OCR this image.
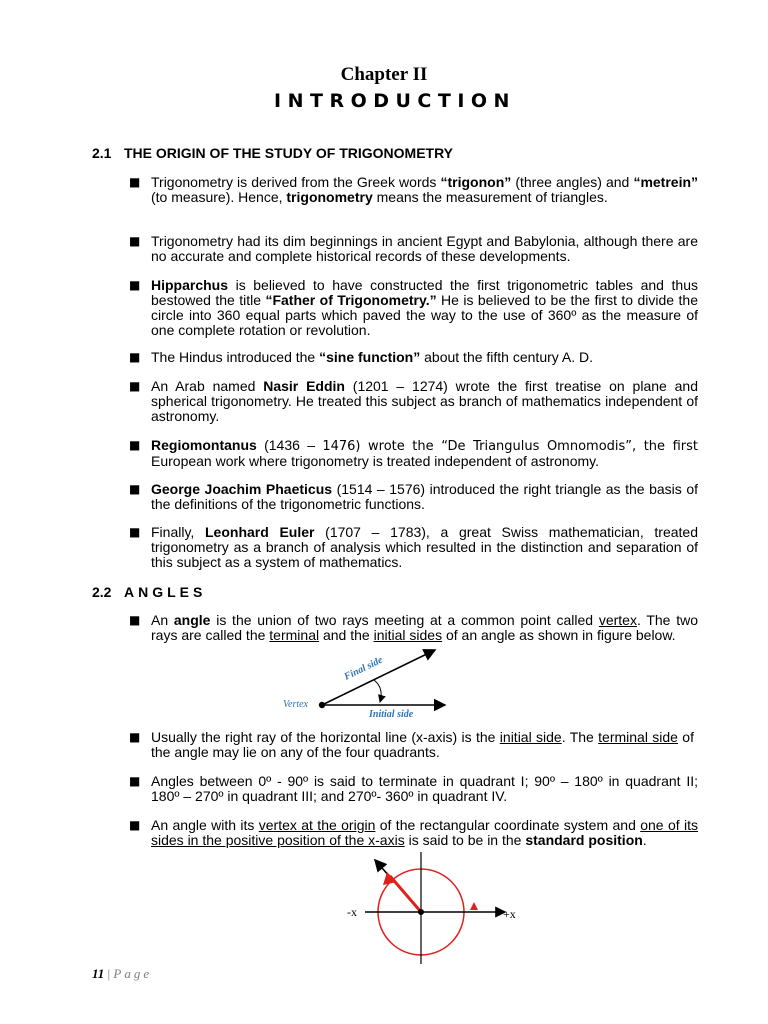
Chapter II
INTRODUCTION
2.1 THE ORIGIN OF THE STUDY OF TRIGONOMETRY
■ Trigonometry is derived from the Greek words “trigonon” (three angles) and “metrein” (to measure). Hence, trigonometry means the measurement of triangles.
■ Trigonometry had its dim beginnings in ancient Egypt and Babylonia, although there are no accurate and complete historical records of these developments.
■ Hipparchus is believed to have constructed the first trigonometric tables and thus bestowed the title “Father of Trigonometry.” He is believed to be the first to divide the circle into 360 equal parts which paved the way to the use of 360º as the measure of one complete rotation or revolution.
■ The Hindus introduced the “sine function” about the fifth century A. D.
■ An Arab named Nasir Eddin (1201 – 1274) wrote the first treatise on plane and spherical trigonometry. He treated this subject as branch of mathematics independent of astronomy.
■ Regiomontanus (1436 – 1476) wrote the “De Triangulus Omnomodis”, the first European work where trigonometry is treated independent of astronomy.
■ George Joachim Phaeticus (1514 – 1576) introduced the right triangle as the basis of the definitions of the trigonometric functions.
■ Finally, Leonhard Euler (1707 – 1783), a great Swiss mathematician, treated trigonometry as a branch of analysis which resulted in the distinction and separation of this subject as a system of mathematics.
2.2 ANGLES
■ An angle is the union of two rays meeting at a common point called vertex. The two rays are called the terminal and the initial sides of an angle as shown in figure below.
Final side
Vertex
Initial side
■ Usually the right ray of the horizontal line (x-axis) is the initial side. The terminal side of the angle may lie on any of the four quadrants.
■ Angles between 0º - 90º is said to terminate in quadrant I; 90º – 180º in quadrant II; 180º – 270º in quadrant III; and 270º- 360º in quadrant IV.
■ An angle with its vertex at the origin of the rectangular coordinate system and one of its sides in the positive position of the x-axis is said to be in the standard position.
-x	+x
11 | Page
